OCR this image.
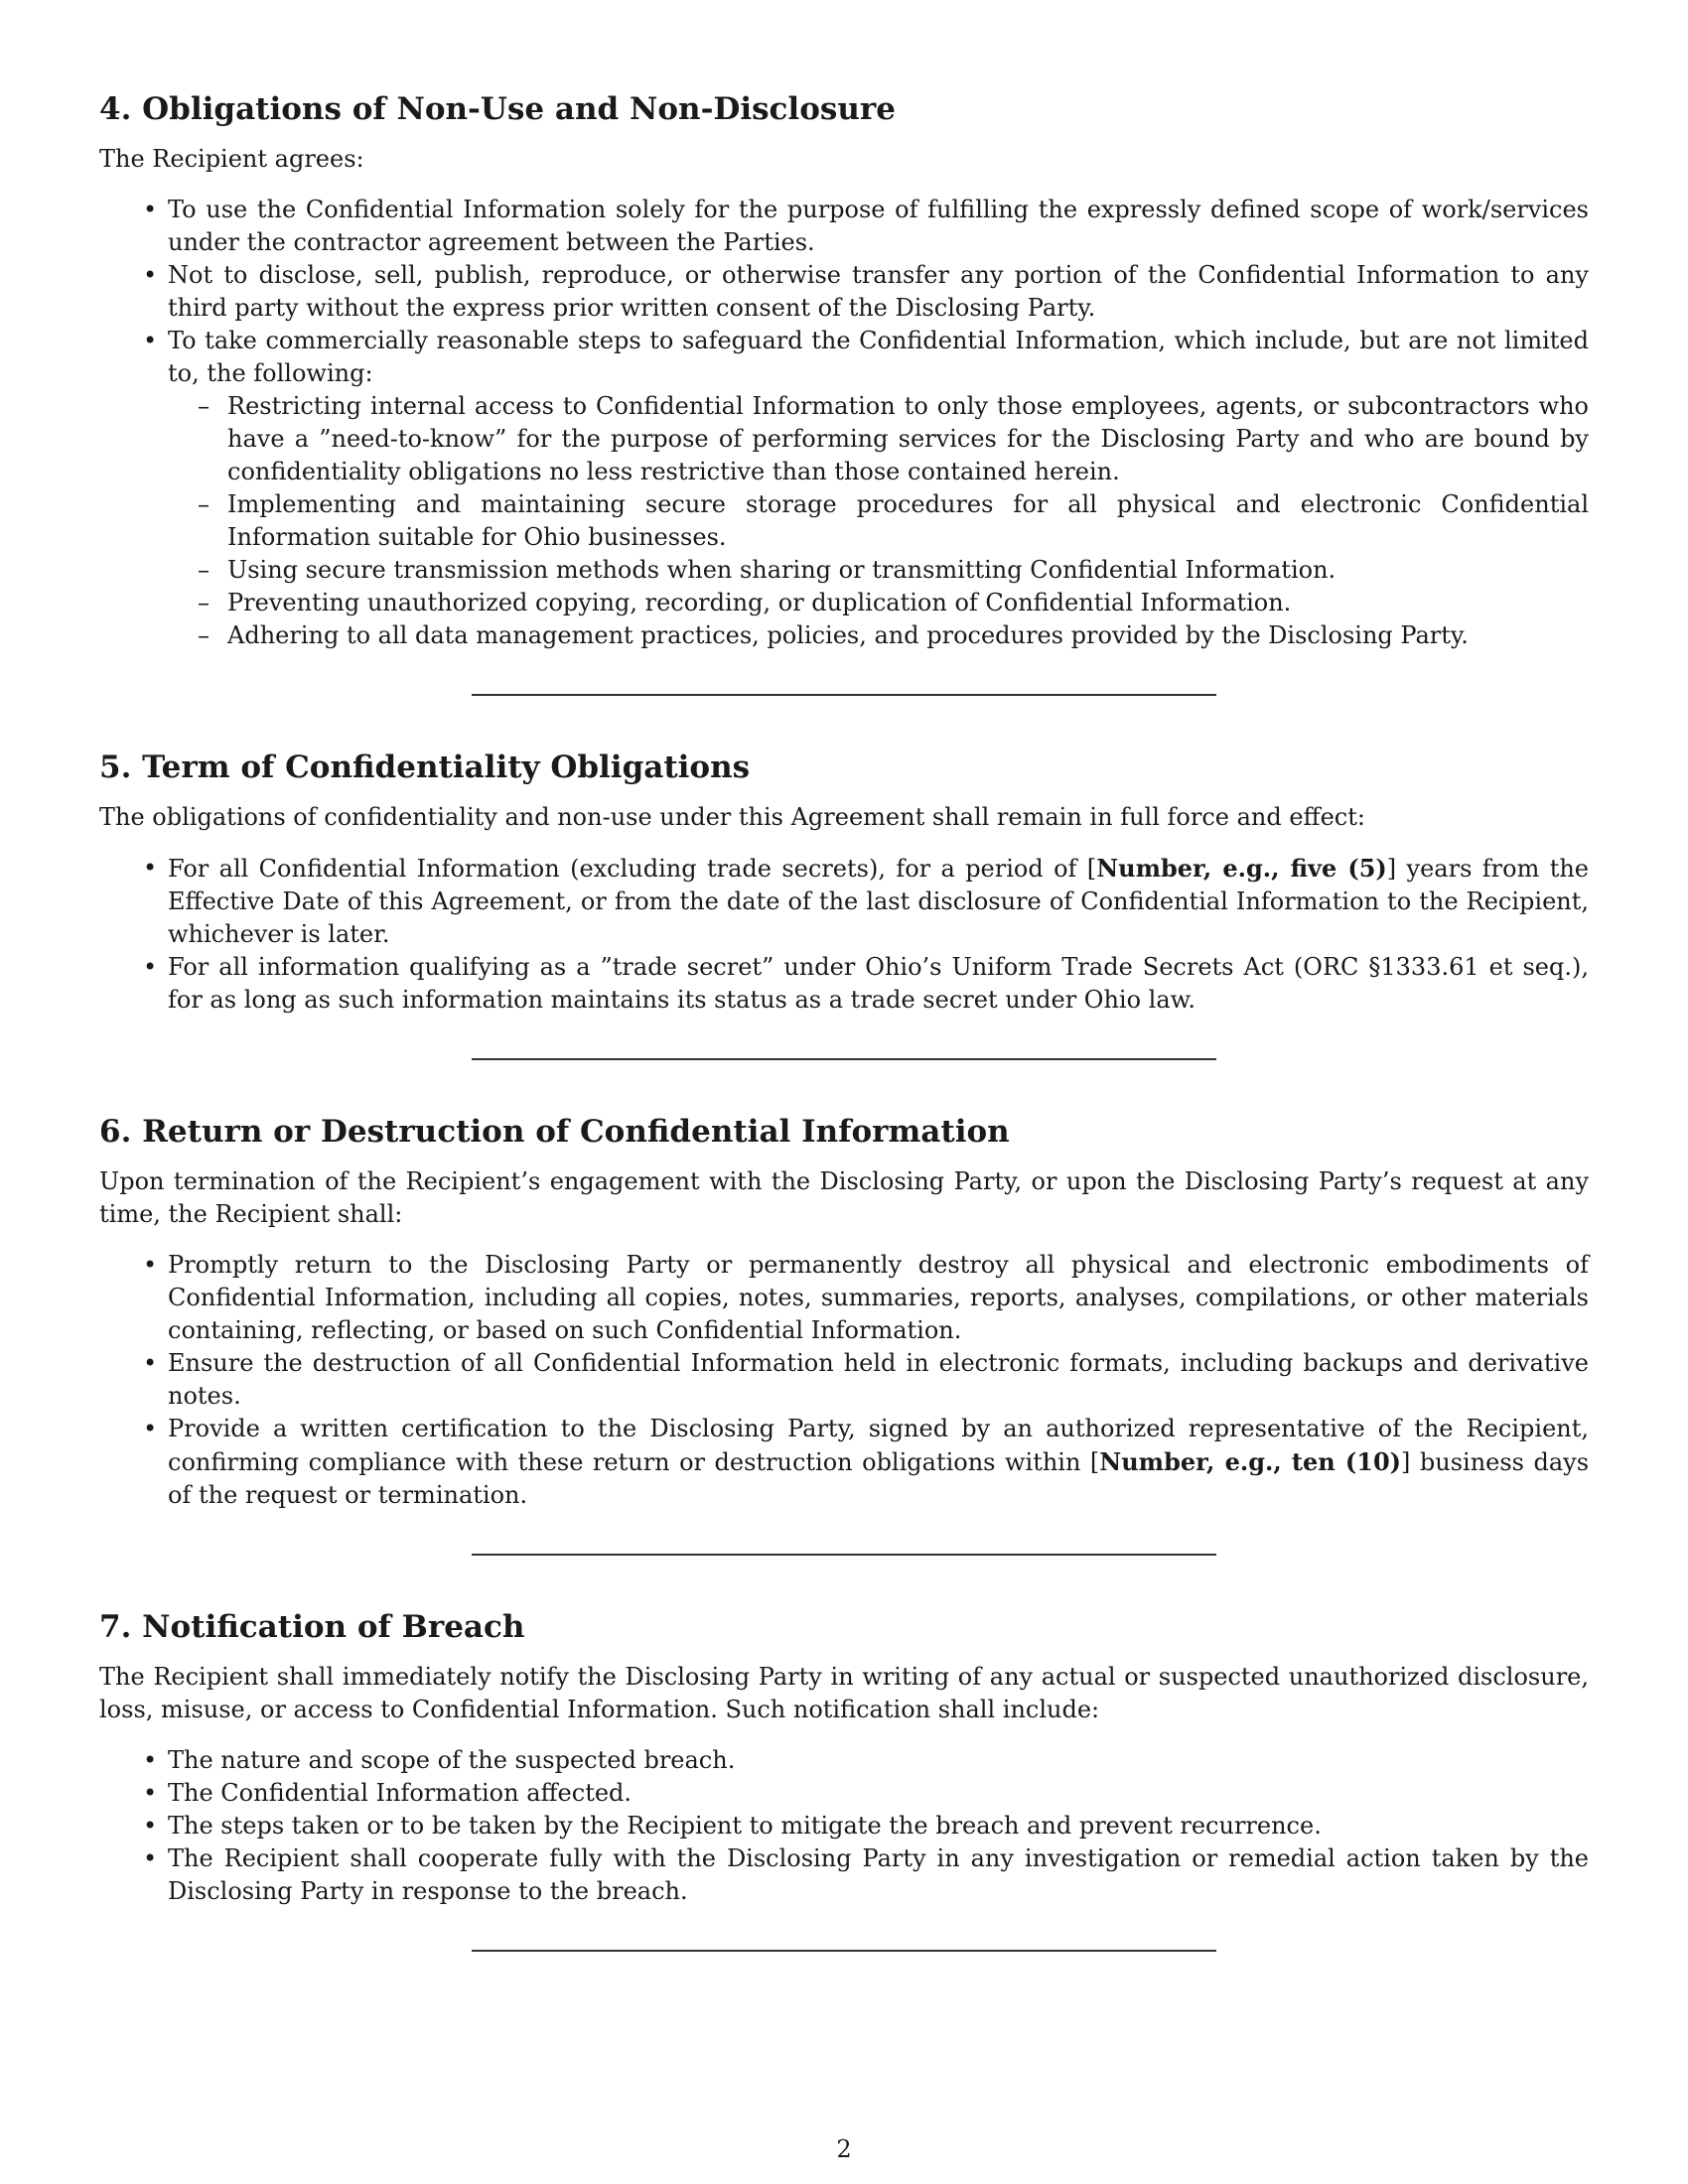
4. Obligations of Non-Use and Non-Disclosure

The Recipient agrees:

• To use the Confidential Information solely for the purpose of fulfilling the expressly defined scope of work/services under the contractor agreement between the Parties.
• Not to disclose, sell, publish, reproduce, or otherwise transfer any portion of the Confidential Information to any third party without the express prior written consent of the Disclosing Party.
• To take commercially reasonable steps to safeguard the Confidential Information, which include, but are not limited to, the following:
– Restricting internal access to Confidential Information to only those employees, agents, or subcontractors who have a ”need-to-know” for the purpose of performing services for the Disclosing Party and who are bound by confidentiality obligations no less restrictive than those contained herein.
– Implementing and maintaining secure storage procedures for all physical and electronic Confidential Information suitable for Ohio businesses.
– Using secure transmission methods when sharing or transmitting Confidential Information.
– Preventing unauthorized copying, recording, or duplication of Confidential Information.
– Adhering to all data management practices, policies, and procedures provided by the Disclosing Party.
5. Term of Confidentiality Obligations

The obligations of confidentiality and non-use under this Agreement shall remain in full force and effect:

• For all Confidential Information (excluding trade secrets), for a period of [Number, e.g., five (5)] years from the Effective Date of this Agreement, or from the date of the last disclosure of Confidential Information to the Recipient, whichever is later.
• For all information qualifying as a ”trade secret” under Ohio’s Uniform Trade Secrets Act (ORC §1333.61 et seq.), for as long as such information maintains its status as a trade secret under Ohio law.
6. Return or Destruction of Confidential Information

Upon termination of the Recipient’s engagement with the Disclosing Party, or upon the Disclosing Party’s request at any time, the Recipient shall:

• Promptly return to the Disclosing Party or permanently destroy all physical and electronic embodiments of Confidential Information, including all copies, notes, summaries, reports, analyses, compilations, or other materials containing, reflecting, or based on such Confidential Information.
• Ensure the destruction of all Confidential Information held in electronic formats, including backups and derivative notes.
• Provide a written certification to the Disclosing Party, signed by an authorized representative of the Recipient, confirming compliance with these return or destruction obligations within [Number, e.g., ten (10)] business days of the request or termination.
7. Notification of Breach

The Recipient shall immediately notify the Disclosing Party in writing of any actual or suspected unauthorized disclosure, loss, misuse, or access to Confidential Information. Such notification shall include:

• The nature and scope of the suspected breach.
• The Confidential Information affected.
• The steps taken or to be taken by the Recipient to mitigate the breach and prevent recurrence.
• The Recipient shall cooperate fully with the Disclosing Party in any investigation or remedial action taken by the Disclosing Party in response to the breach.
2
